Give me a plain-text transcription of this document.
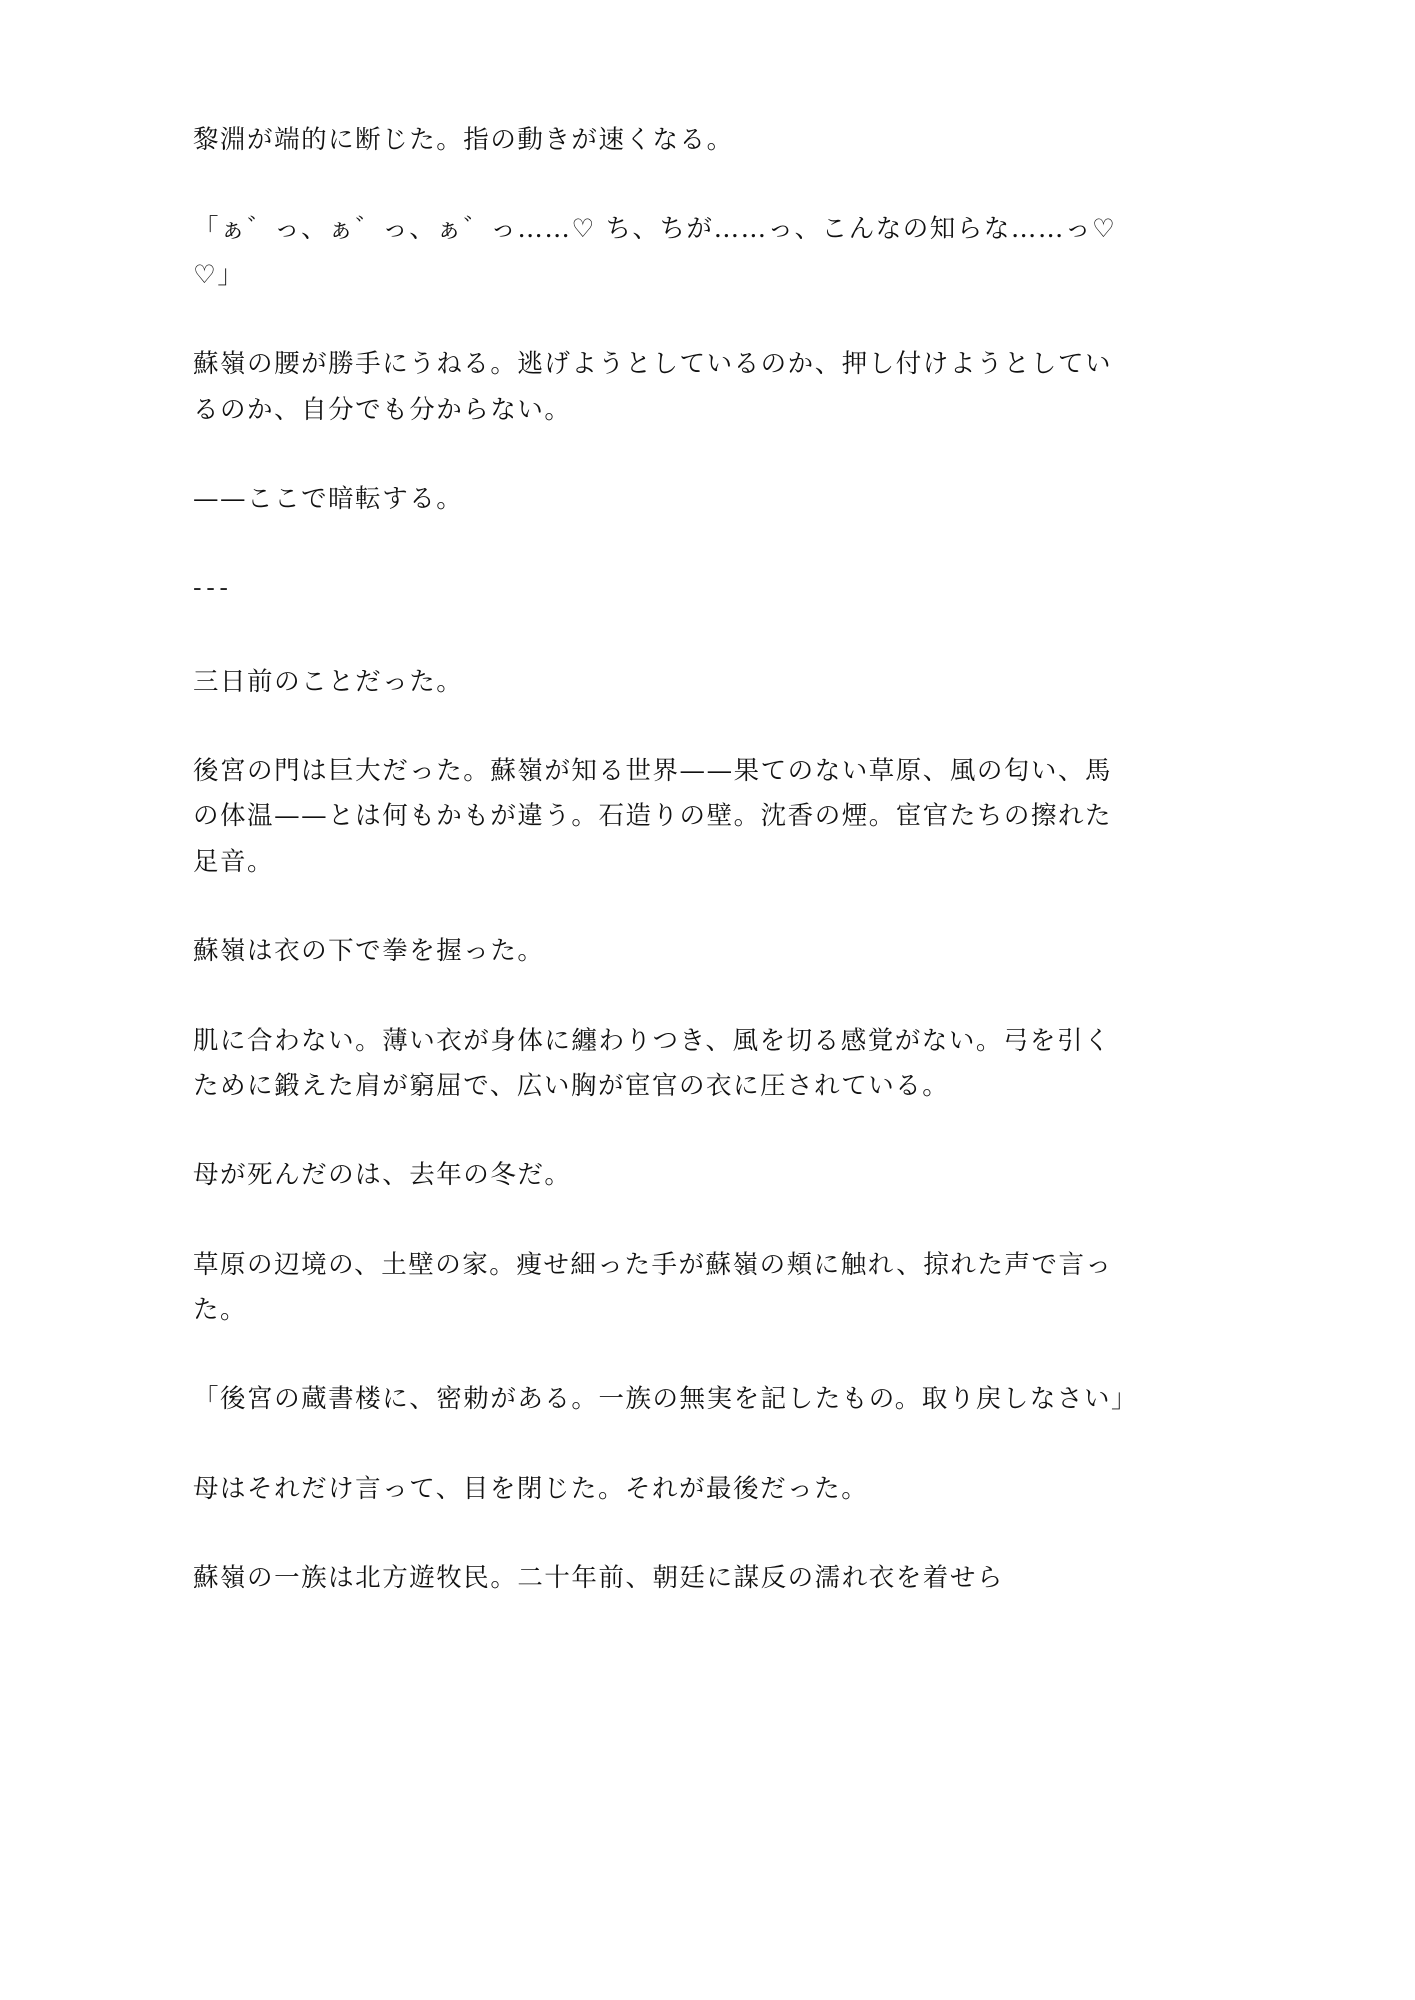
黎淵が端的に断じた。指の動きが速くなる。

「ぁ゛っ、ぁ゛っ、ぁ゛っ……♡ ち、ちが……っ、こんなの知らな……っ♡♡」

蘇嶺の腰が勝手にうねる。逃げようとしているのか、押し付けようとしているのか、自分でも分からない。

——ここで暗転する。

---

三日前のことだった。

後宮の門は巨大だった。蘇嶺が知る世界——果てのない草原、風の匂い、馬の体温——とは何もかもが違う。石造りの壁。沈香の煙。宦官たちの擦れた足音。

蘇嶺は衣の下で拳を握った。

肌に合わない。薄い衣が身体に纏わりつき、風を切る感覚がない。弓を引くために鍛えた肩が窮屈で、広い胸が宦官の衣に圧されている。

母が死んだのは、去年の冬だ。

草原の辺境の、土壁の家。痩せ細った手が蘇嶺の頬に触れ、掠れた声で言った。

「後宮の蔵書楼に、密勅がある。一族の無実を記したもの。取り戻しなさい」

母はそれだけ言って、目を閉じた。それが最後だった。

蘇嶺の一族は北方遊牧民。二十年前、朝廷に謀反の濡れ衣を着せら
